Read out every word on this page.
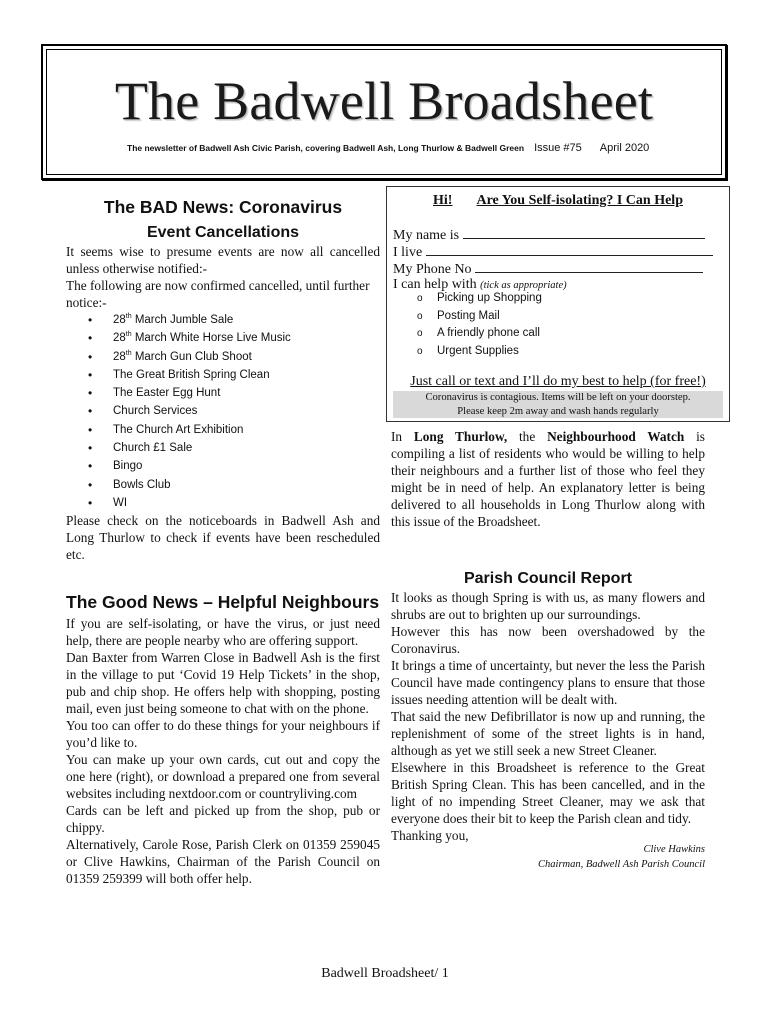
The Badwell Broadsheet
The newsletter of Badwell Ash Civic Parish, covering Badwell Ash, Long Thurlow & Badwell Green Issue #75 April 2020
The BAD News: Coronavirus
Event Cancellations

It seems wise to presume events are now all cancelled unless otherwise notified:-

The following are now confirmed cancelled, until further notice:-

• 28th March Jumble Sale
• 28th March White Horse Live Music
• 28th March Gun Club Shoot
• The Great British Spring Clean
• The Easter Egg Hunt
• Church Services
• The Church Art Exhibition
• Church £1 Sale
• Bingo
• Bowls Club
• WI

Please check on the noticeboards in Badwell Ash and Long Thurlow to check if events have been rescheduled etc.

The Good News – Helpful Neighbours

If you are self-isolating, or have the virus, or just need help, there are people nearby who are offering support.

Dan Baxter from Warren Close in Badwell Ash is the first in the village to put ‘Covid 19 Help Tickets’ in the shop, pub and chip shop. He offers help with shopping, posting mail, even just being someone to chat with on the phone.

You too can offer to do these things for your neighbours if you’d like to.

You can make up your own cards, cut out and copy the one here (right), or download a prepared one from several websites including nextdoor.com or countryliving.com

Cards can be left and picked up from the shop, pub or chippy.

Alternatively, Carole Rose, Parish Clerk on 01359 259045 or Clive Hawkins, Chairman of the Parish Council on 01359 259399 will both offer help.

Hi! Are You Self-isolating? I Can Help
My name is
I live
My Phone No
I can help with (tick as appropriate)
o Picking up Shopping
o Posting Mail
o A friendly phone call
o Urgent Supplies
Just call or text and I’ll do my best to help (for free!)
Coronavirus is contagious. Items will be left on your doorstep.
Please keep 2m away and wash hands regularly
In Long Thurlow, the Neighbourhood Watch is compiling a list of residents who would be willing to help their neighbours and a further list of those who feel they might be in need of help. An explanatory letter is being delivered to all households in Long Thurlow along with this issue of the Broadsheet.
Parish Council Report

It looks as though Spring is with us, as many flowers and shrubs are out to brighten up our surroundings.

However this has now been overshadowed by the Coronavirus.

It brings a time of uncertainty, but never the less the Parish Council have made contingency plans to ensure that those issues needing attention will be dealt with.

That said the new Defibrillator is now up and running, the replenishment of some of the street lights is in hand, although as yet we still seek a new Street Cleaner.

Elsewhere in this Broadsheet is reference to the Great British Spring Clean. This has been cancelled, and in the light of no impending Street Cleaner, may we ask that everyone does their bit to keep the Parish clean and tidy.

Thanking you,

Clive Hawkins
Chairman, Badwell Ash Parish Council
Badwell Broadsheet/ 1
